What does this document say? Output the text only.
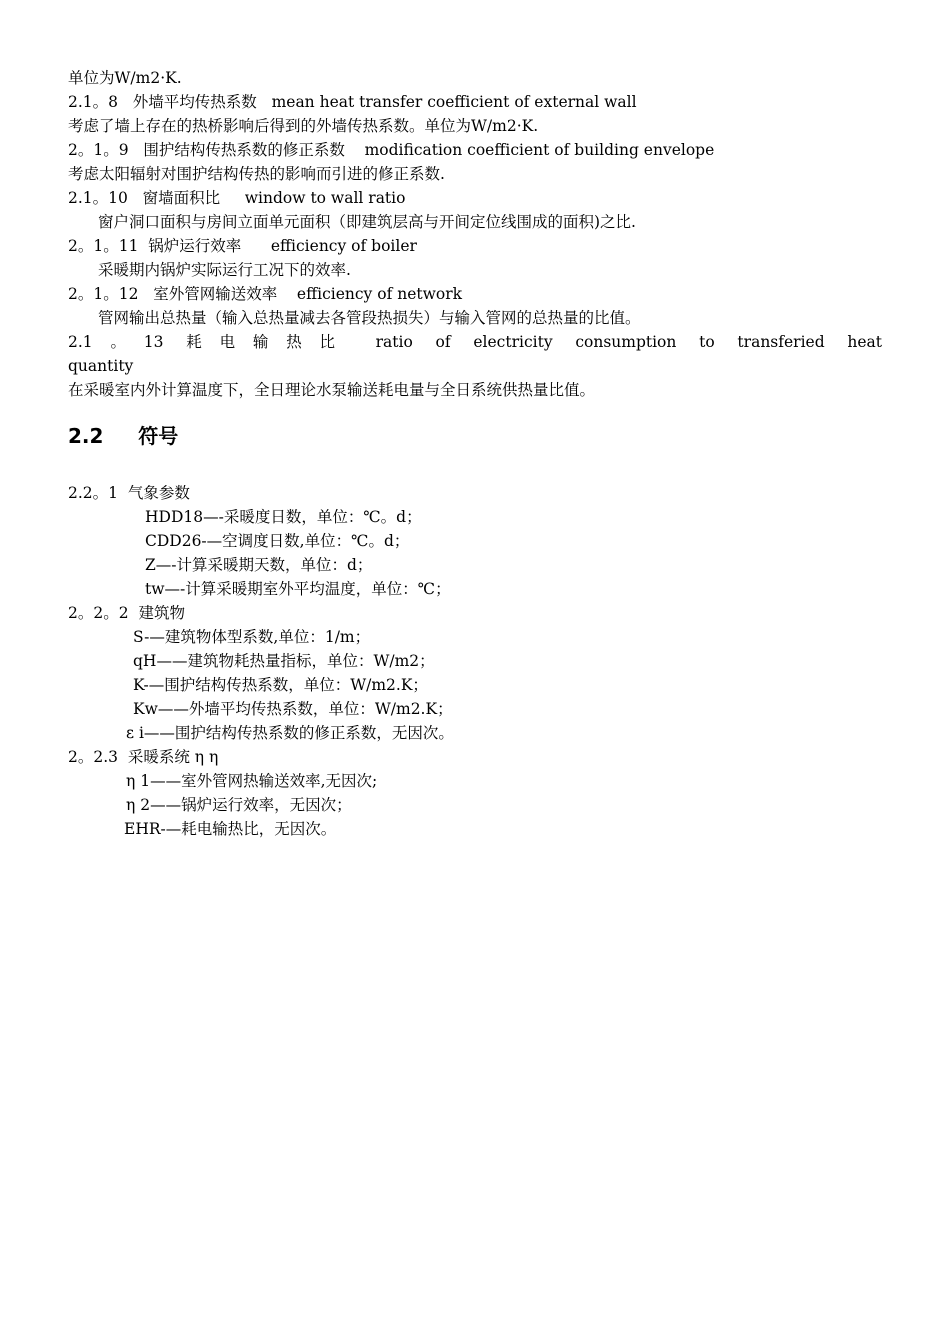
单位为W/m2·K.
2.1。8   外墙平均传热系数   mean heat transfer coefficient of external wall
考虑了墙上存在的热桥影响后得到的外墙传热系数。单位为W/m2·K.
2。1。9   围护结构传热系数的修正系数    modification coefficient of building envelope
考虑太阳辐射对围护结构传热的影响而引进的修正系数.
2.1。10   窗墙面积比     window to wall ratio
窗户洞口面积与房间立面单元面积（即建筑层高与开间定位线围成的面积)之比.
2。1。11  锅炉运行效率      efficiency of boiler
采暖期内锅炉实际运行工况下的效率.
2。1。12   室外管网输送效率    efficiency of network
管网输出总热量（输入总热量减去各管段热损失）与输入管网的总热量的比值。
2.1。13 耗电输热比 ratio of electricity consumption to transferied heat
quantity
在采暖室内外计算温度下，全日理论水泵输送耗电量与全日系统供热量比值。
2.2     符号
2.2。1  气象参数
HDD18—-采暖度日数，单位：℃。d；
CDD26-—空调度日数,单位：℃。d；
Z—-计算采暖期天数，单位：d；
tw—-计算采暖期室外平均温度，单位：℃；
2。2。2  建筑物
S-—建筑物体型系数,单位：1/m；
qH——建筑物耗热量指标，单位：W/m2；
K-—围护结构传热系数，单位：W/m2.K；
Kw——外墙平均传热系数，单位：W/m2.K；
ε i——围护结构传热系数的修正系数，无因次。
2。2.3  采暖系统 η η
η 1——室外管网热输送效率,无因次;
η 2——锅炉运行效率，无因次；
EHR-—耗电输热比，无因次。
